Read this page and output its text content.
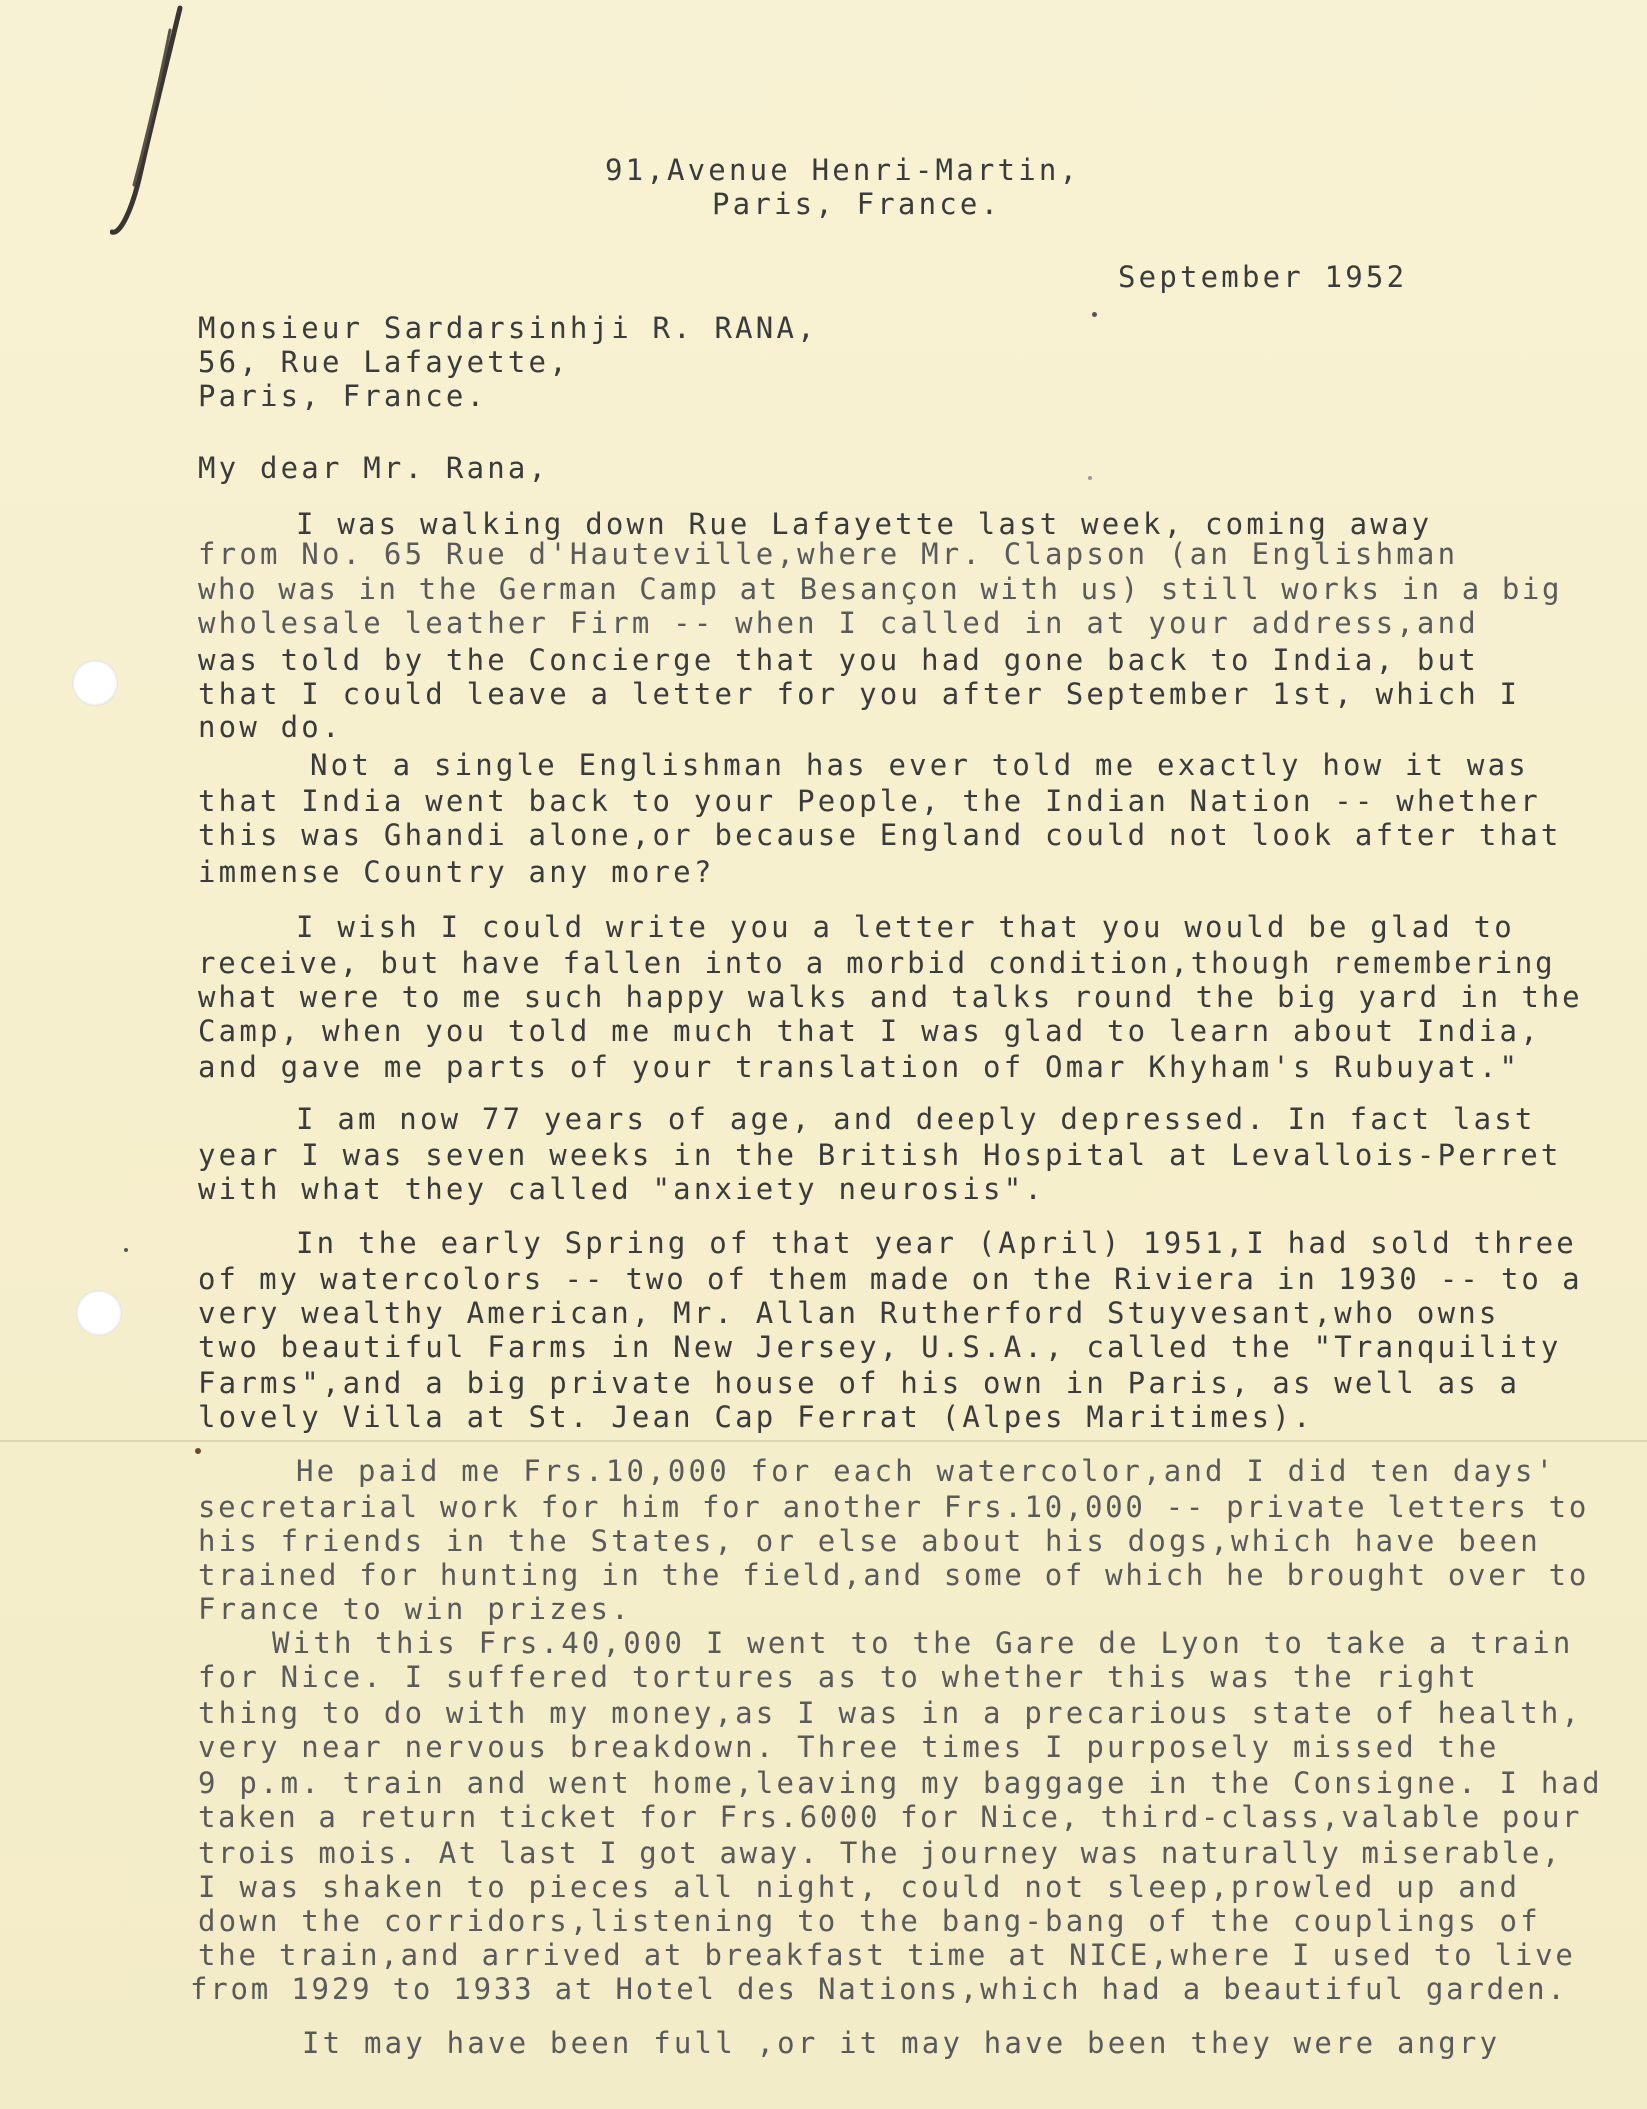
91,Avenue Henri-Martin,
Paris, France.
September 1952
Monsieur Sardarsinhji R. RANA,
56, Rue Lafayette,
Paris, France.
My dear Mr. Rana,
I was walking down Rue Lafayette last week, coming away
from No. 65 Rue d'Hauteville,where Mr. Clapson (an Englishman
who was in the German Camp at Besançon with us) still works in a big
wholesale leather Firm -- when I called in at your address,and
was told by the Concierge that you had gone back to India, but
that I could leave a letter for you after September 1st, which I
now do.
Not a single Englishman has ever told me exactly how it was
that India went back to your People, the Indian Nation -- whether
this was Ghandi alone,or because England could not look after that
immense Country any more?
I wish I could write you a letter that you would be glad to
receive, but have fallen into a morbid condition,though remembering
what were to me such happy walks and talks round the big yard in the
Camp, when you told me much that I was glad to learn about India,
and gave me parts of your translation of Omar Khyham's Rubuyat."
I am now 77 years of age, and deeply depressed. In fact last
year I was seven weeks in the British Hospital at Levallois-Perret
with what they called "anxiety neurosis".
In the early Spring of that year (April) 1951,I had sold three
of my watercolors -- two of them made on the Riviera in 1930 -- to a
very wealthy American, Mr. Allan Rutherford Stuyvesant,who owns
two beautiful Farms in New Jersey, U.S.A., called the "Tranquility
Farms",and a big private house of his own in Paris, as well as a
lovely Villa at St. Jean Cap Ferrat (Alpes Maritimes).
He paid me Frs.10,000 for each watercolor,and I did ten days'
secretarial work for him for another Frs.10,000 -- private letters to
his friends in the States, or else about his dogs,which have been
trained for hunting in the field,and some of which he brought over to
France to win prizes.
With this Frs.40,000 I went to the Gare de Lyon to take a train
for Nice. I suffered tortures as to whether this was the right
thing to do with my money,as I was in a precarious state of health,
very near nervous breakdown. Three times I purposely missed the
9 p.m. train and went home,leaving my baggage in the Consigne. I had
taken a return ticket for Frs.6000 for Nice, third-class,valable pour
trois mois. At last I got away. The journey was naturally miserable,
I was shaken to pieces all night, could not sleep,prowled up and
down the corridors,listening to the bang-bang of the couplings of
the train,and arrived at breakfast time at NICE,where I used to live
from 1929 to 1933 at Hotel des Nations,which had a beautiful garden.
It may have been full ,or it may have been they were angry
